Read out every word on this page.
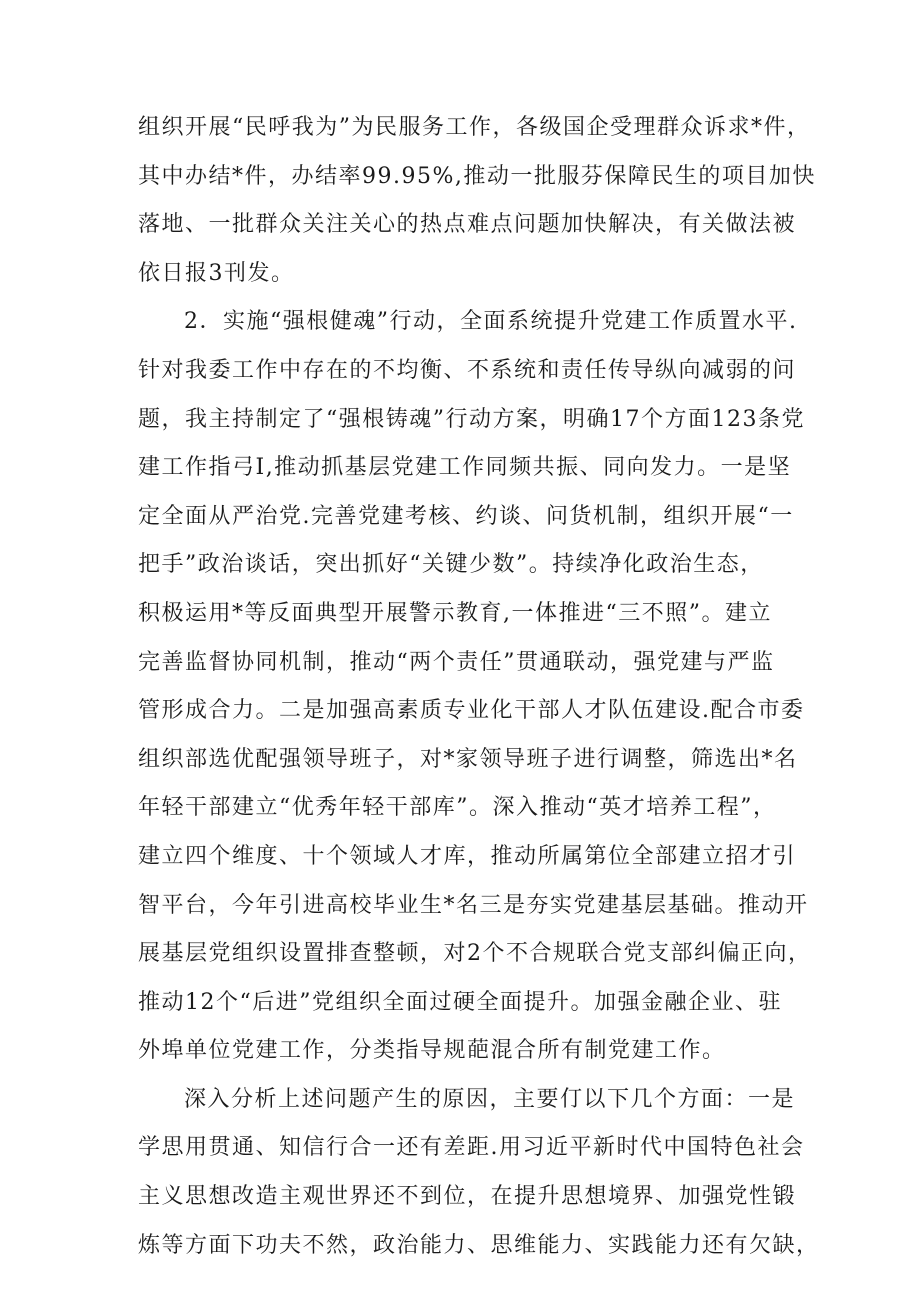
组织开展“民呼我为”为民服务工作，各级国企受理群众诉求*件，
其中办结*件，办结率99.95%,推动一批服芬保障民生的项目加快
落地、一批群众关注关心的热点难点问题加快解决，有关做法被
依日报3刊发。
2．实施“强根健魂”行动，全面系统提升党建工作质置水平.
针对我委工作中存在的不均衡、不系统和责任传导纵向减弱的问
题，我主持制定了“强根铸魂”行动方案，明确17个方面123条党
建工作指弓I,推动抓基层党建工作同频共振、同向发力。一是坚
定全面从严治党.完善党建考核、约谈、问货机制，组织开展“一
把手”政治谈话，突出抓好“关键少数”。持续净化政治生态，
积极运用*等反面典型开展警示教育,一体推进“三不照”。建立
完善监督协同机制，推动“两个责任”贯通联动，强党建与严监
管形成合力。二是加强高素质专业化干部人才队伍建设.配合市委
组织部选优配强领导班子，对*家领导班子进行调整，筛选出*名
年轻干部建立“优秀年轻干部库”。深入推动“英才培养工程”，
建立四个维度、十个领域人才库，推动所属第位全部建立招才引
智平台，今年引进高校毕业生*名三是夯实党建基层基础。推动开
展基层党组织设置排查整顿，对2个不合规联合党支部纠偏正向，
推动12个“后进”党组织全面过硬全面提升。加强金融企业、驻
外埠单位党建工作，分类指导规葩混合所有制党建工作。
深入分析上述问题产生的原因，主要仃以下几个方面：一是
学思用贯通、知信行合一还有差距.用习近平新时代中国特色社会
主义思想改造主观世界还不到位，在提升思想境界、加强党性锻
炼等方面下功夫不然，政治能力、思维能力、实践能力还有欠缺，
